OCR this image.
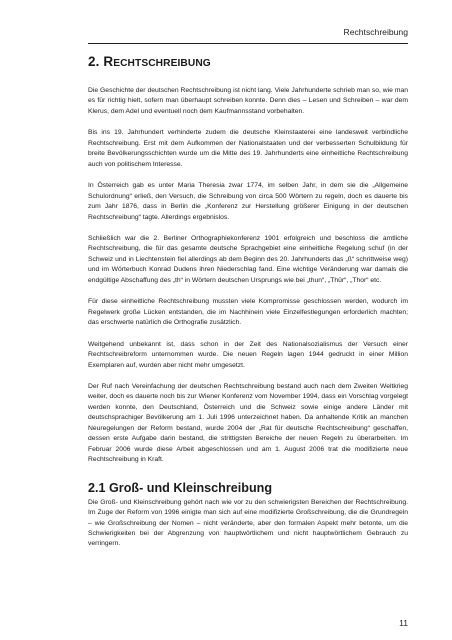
Rechtschreibung
2. RECHTSCHREIBUNG

Die Geschichte der deutschen Rechtschreibung ist nicht lang. Viele Jahrhunderte schrieb man so, wie man es für richtig hielt, sofern man überhaupt schreiben konnte. Denn dies – Lesen und Schreiben – war dem Klerus, dem Adel und eventuell noch dem Kaufmannsstand vorbehalten.

Bis ins 19. Jahrhundert verhinderte zudem die deutsche Kleinstaaterei eine landesweit verbindliche Rechtschreibung. Erst mit dem Aufkommen der Nationalstaaten und der verbesserten Schulbildung für breite Bevölkerungsschichten wurde um die Mitte des 19. Jahrhunderts eine einheitliche Rechtschreibung auch von politischem Interesse.

In Österreich gab es unter Maria Theresia zwar 1774, im selben Jahr, in dem sie die „Allgemeine Schulordnung“ erließ, den Versuch, die Schreibung von circa 500 Wörtern zu regeln, doch es dauerte bis zum Jahr 1876, dass in Berlin die „Konferenz zur Herstellung größerer Einigung in der deutschen Rechtschreibung“ tagte. Allerdings ergebnislos.

Schließlich war die 2. Berliner Orthographiekonferenz 1901 erfolgreich und beschloss die amtliche Rechtschreibung, die für das gesamte deutsche Sprachgebiet eine einheitliche Regelung schuf (in der Schweiz und in Liechtenstein fiel allerdings ab dem Beginn des 20. Jahrhunderts das „ß“ schrittweise weg) und im Wörterbuch Konrad Dudens ihren Niederschlag fand. Eine wichtige Veränderung war damals die endgültige Abschaffung des „th“ in Wörtern deutschen Ursprungs wie bei „thun“, „Thür“, „Thor“ etc.

Für diese einheitliche Rechtschreibung mussten viele Kompromisse geschlossen werden, wodurch im Regelwerk große Lücken entstanden, die im Nachhinein viele Einzelfestlegungen erforderlich machten; das erschwerte natürlich die Orthografie zusätzlich.

Weitgehend unbekannt ist, dass schon in der Zeit des Nationalsozialismus der Versuch einer Rechtschreibreform unternommen wurde. Die neuen Regeln lagen 1944 gedruckt in einer Million Exemplaren auf, wurden aber nicht mehr umgesetzt.

Der Ruf nach Vereinfachung der deutschen Rechtschreibung bestand auch nach dem Zweiten Weltkrieg weiter, doch es dauerte noch bis zur Wiener Konferenz vom November 1994, dass ein Vorschlag vorgelegt werden konnte, den Deutschland, Österreich und die Schweiz sowie einige andere Länder mit deutschsprachiger Bevölkerung am 1. Juli 1996 unterzeichnet haben. Da anhaltende Kritik an manchen Neuregelungen der Reform bestand, wurde 2004 der „Rat für deutsche Rechtschreibung“ geschaffen, dessen erste Aufgabe darin bestand, die strittigsten Bereiche der neuen Regeln zu überarbeiten. Im Februar 2006 wurde diese Arbeit abgeschlossen und am 1. August 2006 trat die modifizierte neue Rechtschreibung in Kraft.

2.1 Groß- und Kleinschreibung

Die Groß- und Kleinschreibung gehört nach wie vor zu den schwierigsten Bereichen der Rechtschreibung. Im Zuge der Reform von 1996 einigte man sich auf eine modifizierte Großschreibung, die die Grundregeln – wie Großschreibung der Nomen – nicht veränderte, aber den formalen Aspekt mehr betonte, um die Schwierigkeiten bei der Abgrenzung von hauptwörtlichem und nicht hauptwörtlichem Gebrauch zu verringern.

11
